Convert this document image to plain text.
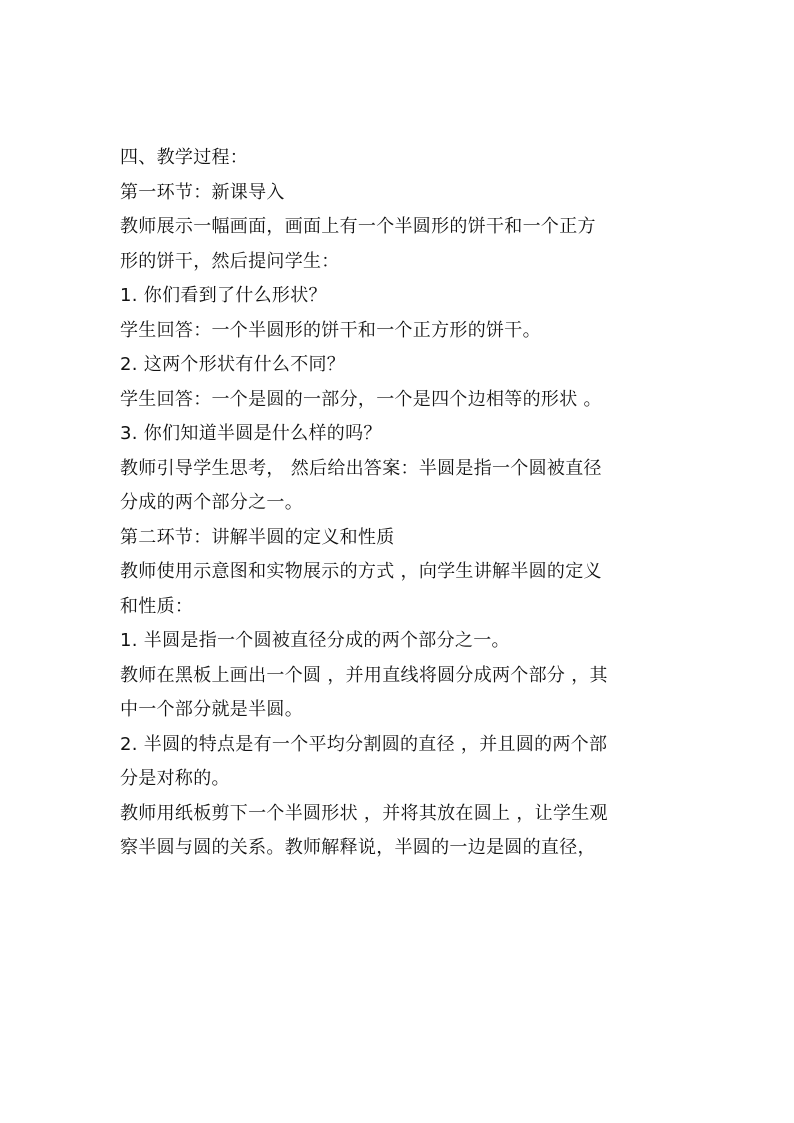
四、教学过程：
第一环节：新课导入
教师展示一幅画面，画面上有一个半圆形的饼干和一个正方
形的饼干，然后提问学生：
1. 你们看到了什么形状？
学生回答：一个半圆形的饼干和一个正方形的饼干。
2. 这两个形状有什么不同？
学生回答：一个是圆的一部分，一个是四个边相等的形状 。
3. 你们知道半圆是什么样的吗？
教师引导学生思考， 然后给出答案：半圆是指一个圆被直径
分成的两个部分之一。
第二环节：讲解半圆的定义和性质
教师使用示意图和实物展示的方式 ，向学生讲解半圆的定义
和性质：
1. 半圆是指一个圆被直径分成的两个部分之一。
教师在黑板上画出一个圆 ，并用直线将圆分成两个部分 ，其
中一个部分就是半圆。
2. 半圆的特点是有一个平均分割圆的直径 ，并且圆的两个部
分是对称的。
教师用纸板剪下一个半圆形状 ，并将其放在圆上 ，让学生观
察半圆与圆的关系。教师解释说，半圆的一边是圆的直径，
